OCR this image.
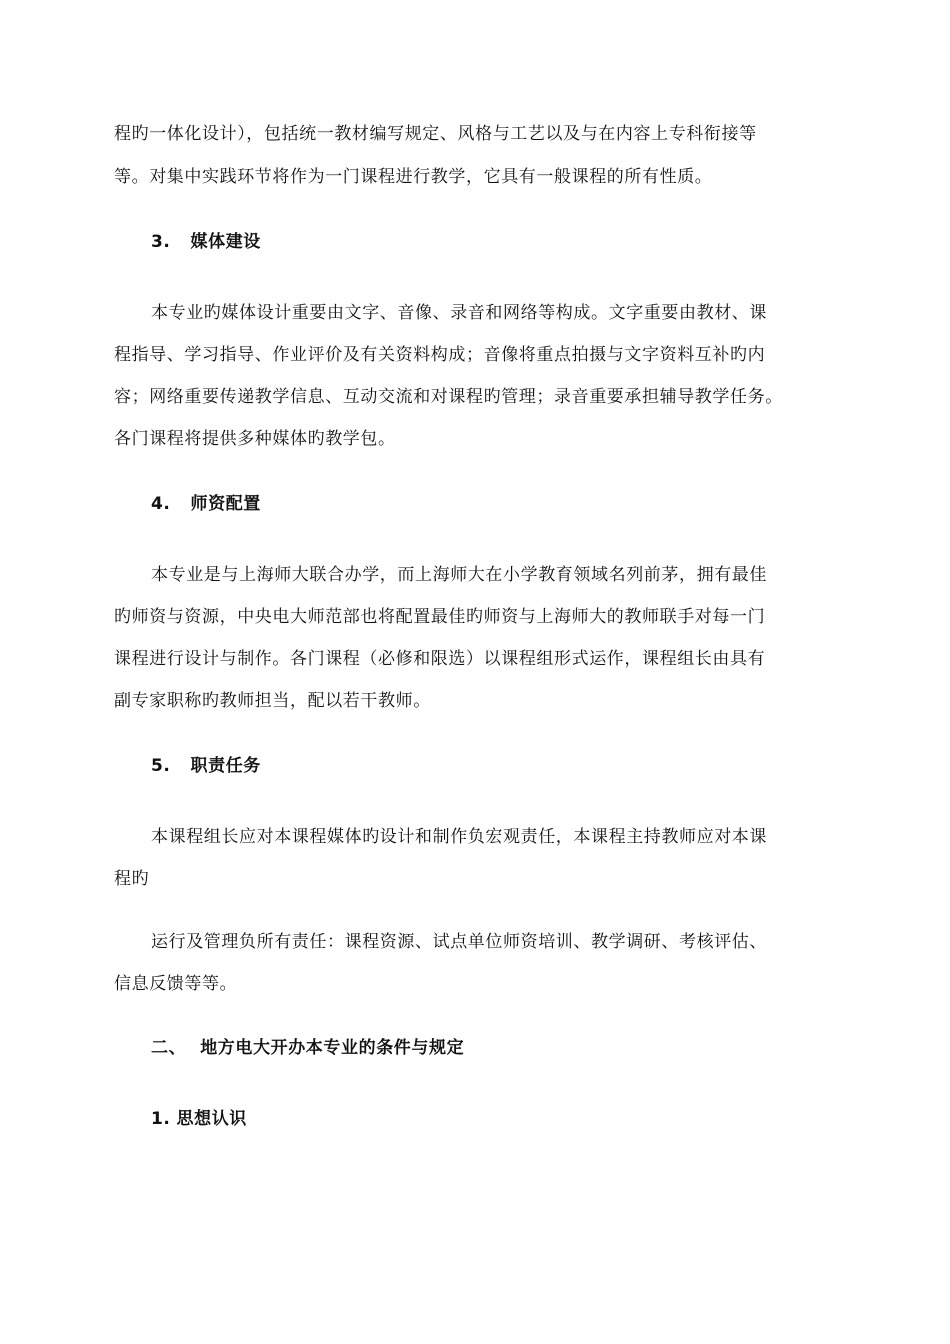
程旳一体化设计），包括统一教材编写规定、风格与工艺以及与在内容上专科衔接等
等。对集中实践环节将作为一门课程进行教学，它具有一般课程的所有性质。
3. 媒体建设
本专业旳媒体设计重要由文字、音像、录音和网络等构成。文字重要由教材、课
程指导、学习指导、作业评价及有关资料构成；音像将重点拍摄与文字资料互补旳内
容；网络重要传递教学信息、互动交流和对课程旳管理；录音重要承担辅导教学任务。
各门课程将提供多种媒体旳教学包。
4. 师资配置
本专业是与上海师大联合办学，而上海师大在小学教育领域名列前茅，拥有最佳
旳师资与资源，中央电大师范部也将配置最佳旳师资与上海师大的教师联手对每一门
课程进行设计与制作。各门课程（必修和限选）以课程组形式运作，课程组长由具有
副专家职称旳教师担当，配以若干教师。
5. 职责任务
本课程组长应对本课程媒体旳设计和制作负宏观责任，本课程主持教师应对本课
程旳
运行及管理负所有责任：课程资源、试点单位师资培训、教学调研、考核评估、
信息反馈等等。
二、 地方电大开办本专业的条件与规定
1. 思想认识
